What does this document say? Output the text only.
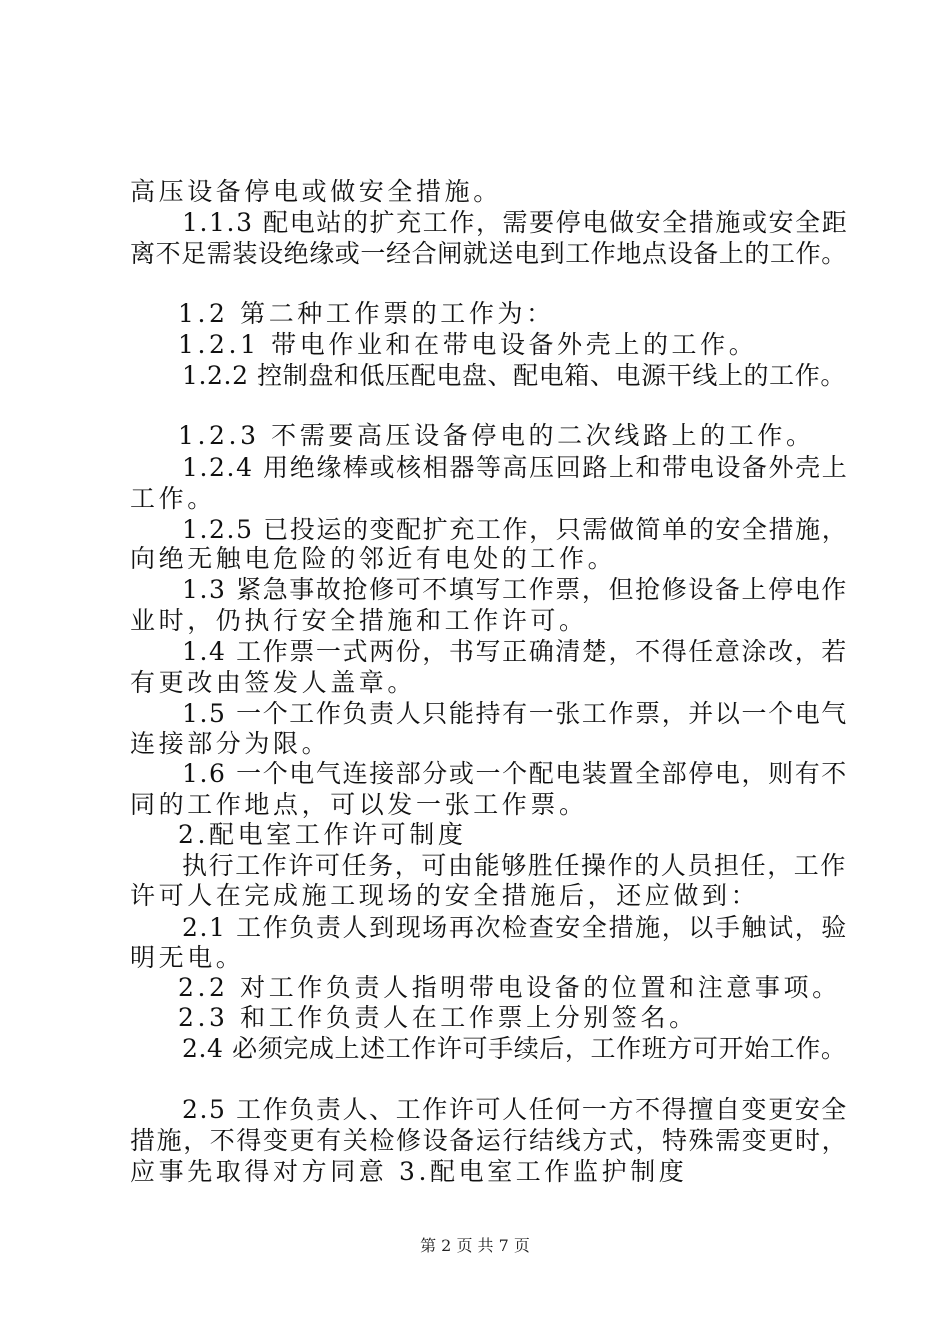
高压设备停电或做安全措施。
1.1.3 配电站的扩充工作，需要停电做安全措施或安全距
离不足需装设绝缘或一经合闸就送电到工作地点设备上的工作。
1.2 第二种工作票的工作为：
1.2.1 带电作业和在带电设备外壳上的工作。
1.2.2 控制盘和低压配电盘、配电箱、电源干线上的工作。
1.2.3 不需要高压设备停电的二次线路上的工作。
1.2.4 用绝缘棒或核相器等高压回路上和带电设备外壳上
工作。
1.2.5 已投运的变配扩充工作，只需做简单的安全措施，
向绝无触电危险的邻近有电处的工作。
1.3 紧急事故抢修可不填写工作票，但抢修设备上停电作
业时，仍执行安全措施和工作许可。
1.4 工作票一式两份，书写正确清楚，不得任意涂改，若
有更改由签发人盖章。
1.5 一个工作负责人只能持有一张工作票，并以一个电气
连接部分为限。
1.6 一个电气连接部分或一个配电装置全部停电，则有不
同的工作地点，可以发一张工作票。
2.配电室工作许可制度
执行工作许可任务，可由能够胜任操作的人员担任，工作
许可人在完成施工现场的安全措施后，还应做到：
2.1 工作负责人到现场再次检查安全措施，以手触试，验
明无电。
2.2 对工作负责人指明带电设备的位置和注意事项。
2.3 和工作负责人在工作票上分别签名。
2.4 必须完成上述工作许可手续后，工作班方可开始工作。
2.5 工作负责人、工作许可人任何一方不得擅自变更安全
措施，不得变更有关检修设备运行结线方式，特殊需变更时，
应事先取得对方同意 3.配电室工作监护制度
第 2 页 共 7 页
